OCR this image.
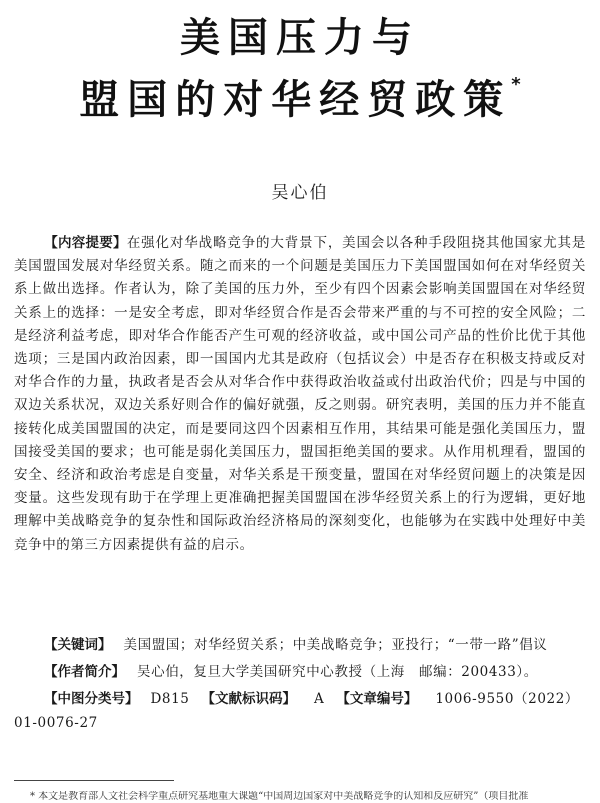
美国压力与
盟国的对华经贸政策*
吴心伯
【内容提要】在强化对华战略竞争的大背景下，美国会以各种手段阻挠其他国家尤其是美国盟国发展对华经贸关系。随之而来的一个问题是美国压力下美国盟国如何在对华经贸关系上做出选择。作者认为，除了美国的压力外，至少有四个因素会影响美国盟国在对华经贸关系上的选择：一是安全考虑，即对华经贸合作是否会带来严重的与不可控的安全风险；二是经济利益考虑，即对华合作能否产生可观的经济收益，或中国公司产品的性价比优于其他选项；三是国内政治因素，即一国国内尤其是政府（包括议会）中是否存在积极支持或反对对华合作的力量，执政者是否会从对华合作中获得政治收益或付出政治代价；四是与中国的双边关系状况，双边关系好则合作的偏好就强，反之则弱。研究表明，美国的压力并不能直接转化成美国盟国的决定，而是要同这四个因素相互作用，其结果可能是强化美国压力，盟国接受美国的要求；也可能是弱化美国压力，盟国拒绝美国的要求。从作用机理看，盟国的安全、经济和政治考虑是自变量，对华关系是干预变量，盟国在对华经贸问题上的决策是因变量。这些发现有助于在学理上更准确把握美国盟国在涉华经贸关系上的行为逻辑，更好地理解中美战略竞争的复杂性和国际政治经济格局的深刻变化，也能够为在实践中处理好中美竞争中的第三方因素提供有益的启示。
【关键词】 美国盟国；对华经贸关系；中美战略竞争；亚投行；“一带一路”倡议
【作者简介】 吴心伯，复旦大学美国研究中心教授（上海　邮编：200433）。
【中图分类号】 D815 【文献标识码】 A 【文章编号】 1006-9550（2022）
01-0076-27
* 本文是教育部人文社会科学重点研究基地重大课题“中国周边国家对中美战略竞争的认知和反应研究”（项目批准
